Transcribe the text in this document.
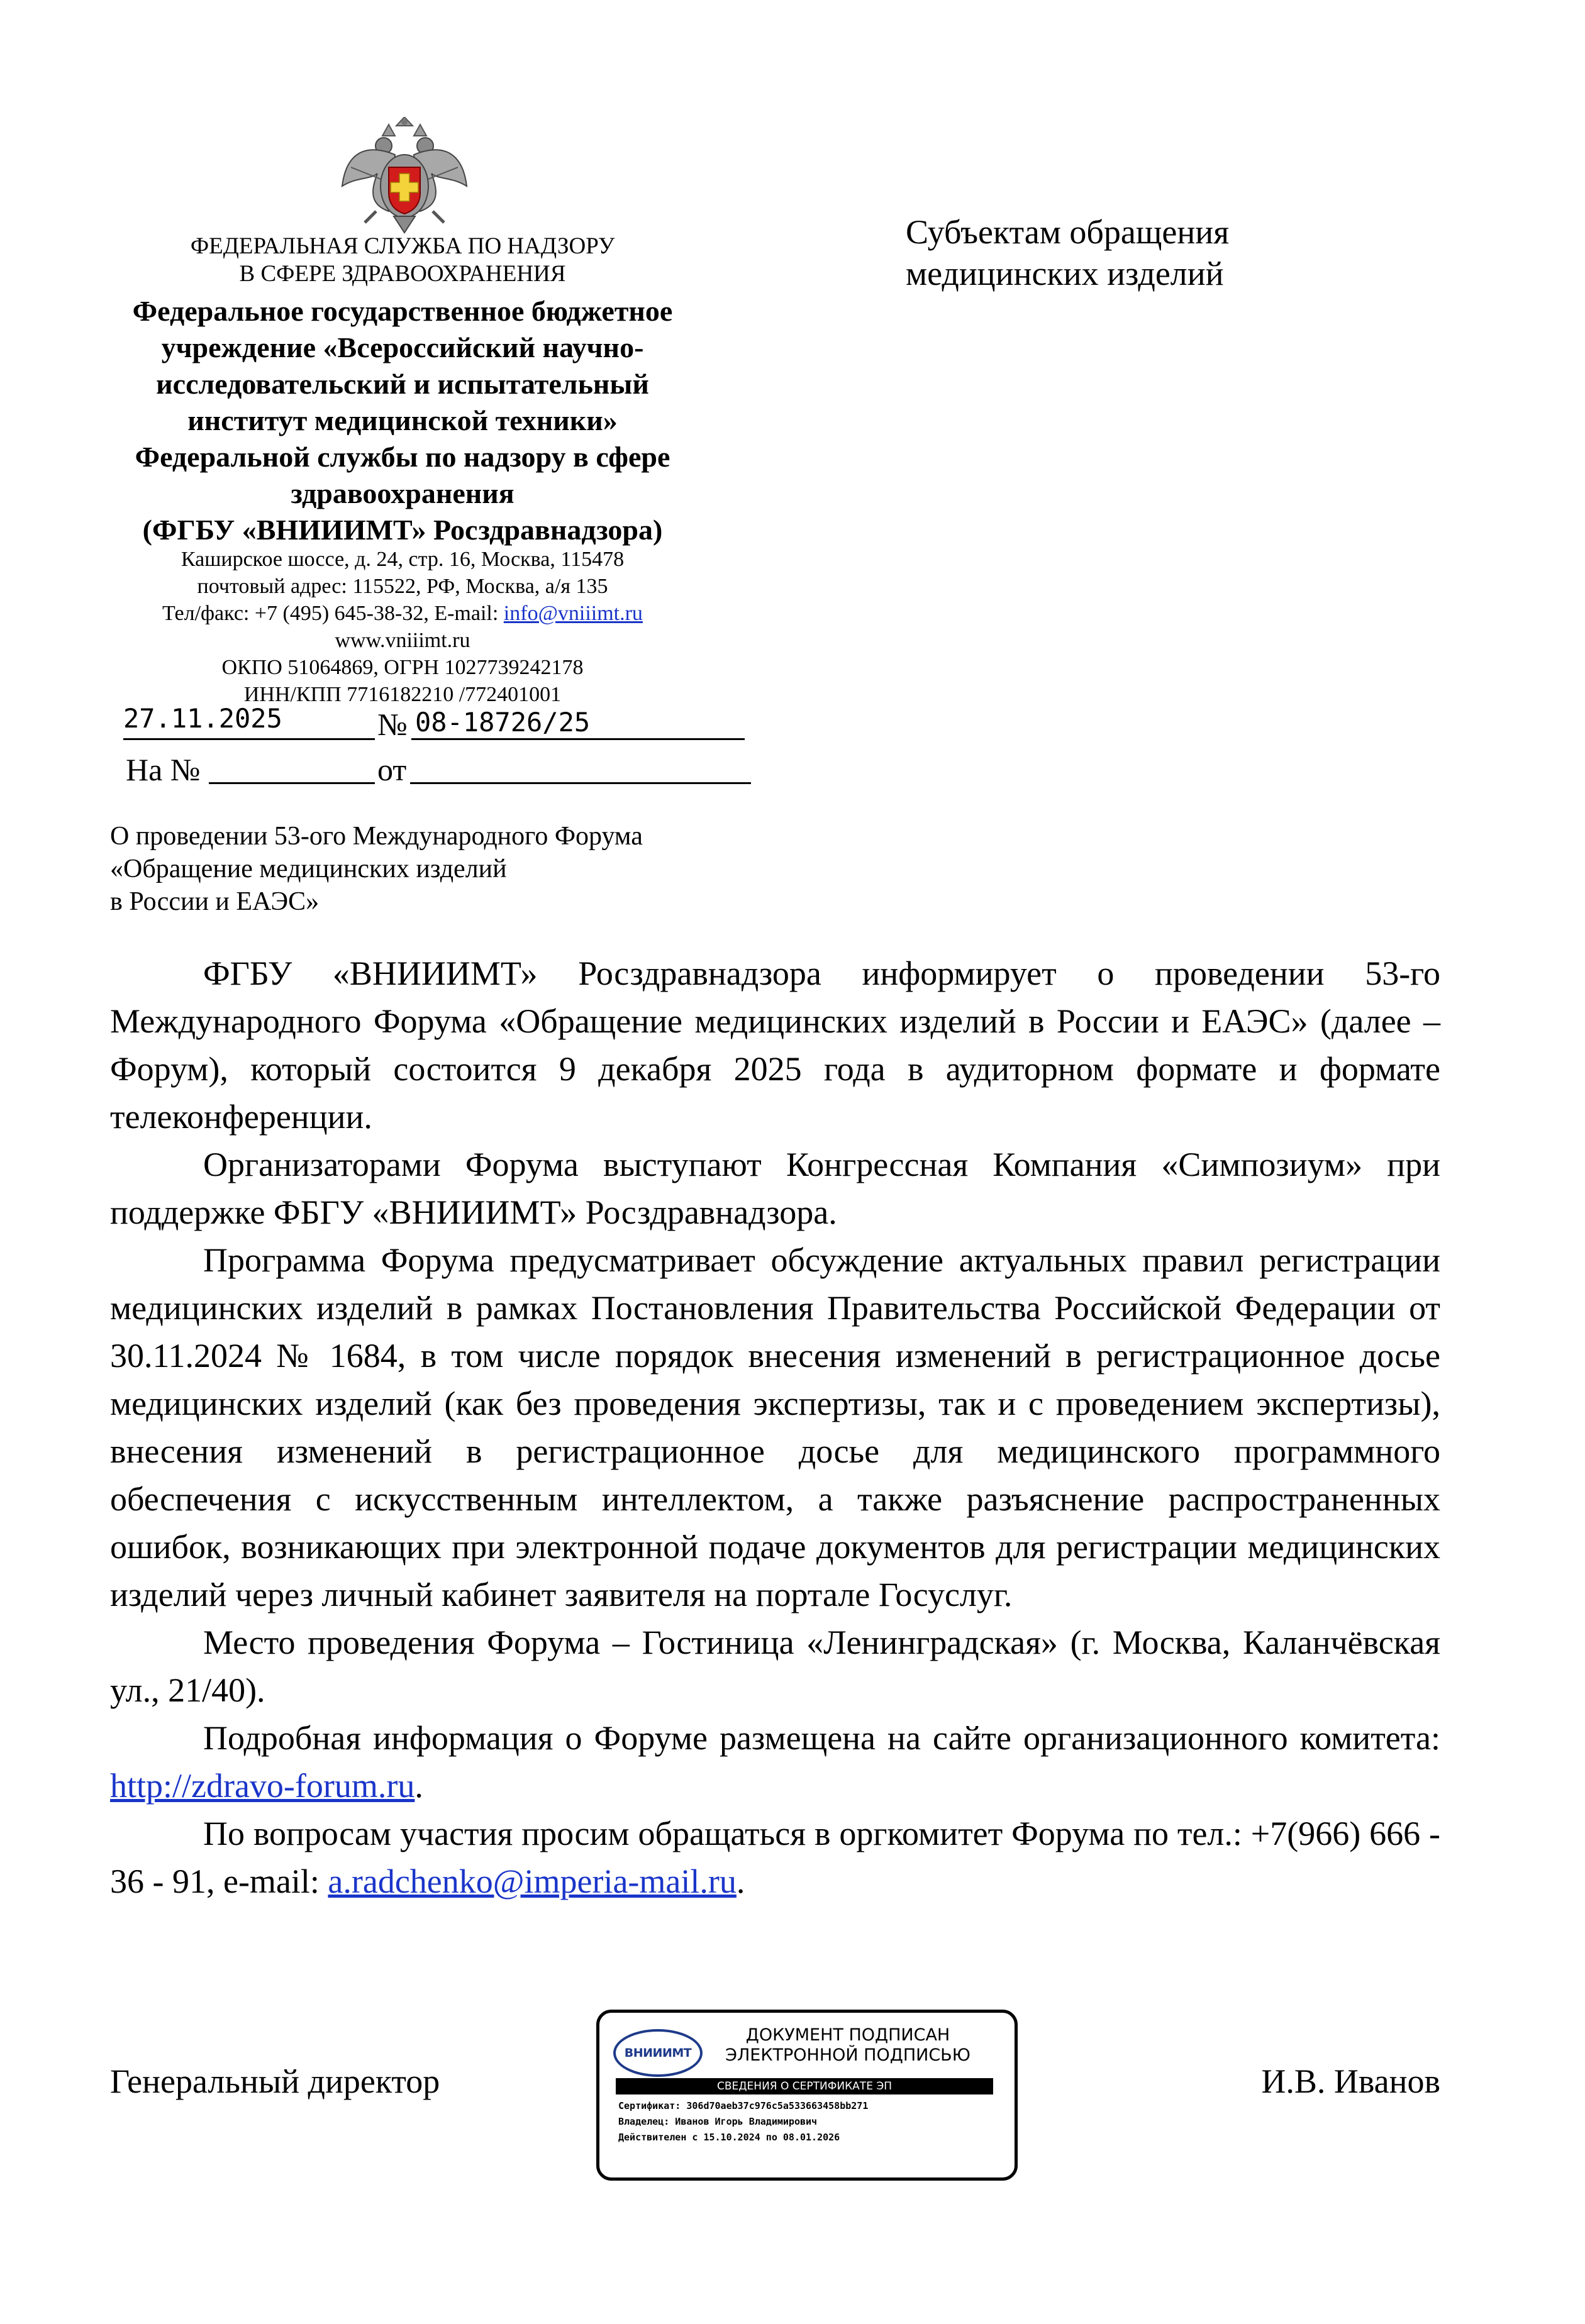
ФЕДЕРАЛЬНАЯ СЛУЖБА ПО НАДЗОРУ
В СФЕРЕ ЗДРАВООХРАНЕНИЯ
Федеральное государственное бюджетное
учреждение «Всероссийский научно-
исследовательский и испытательный
институт медицинской техники»
Федеральной службы по надзору в сфере
здравоохранения
(ФГБУ «ВНИИИМТ» Росздравнадзора)
Каширское шоссе, д. 24, стр. 16, Москва, 115478
почтовый адрес: 115522, РФ, Москва, а/я 135
Тел/факс: +7 (495) 645-38-32, E-mail: info@vniiimt.ru
www.vniiimt.ru
ОКПО 51064869, ОГРН 1027739242178
ИНН/КПП 7716182210 /772401001
27.11.2025	№ 08-18726/25
На №	от
Субъектам обращения
медицинских изделий
О проведении 53-ого Международного Форума
«Обращение медицинских изделий
в России и ЕАЭС»

ФГБУ «ВНИИИМТ» Росздравнадзора информирует о проведении 53-го Международного Форума «Обращение медицинских изделий в России и ЕАЭС» (далее – Форум), который состоится 9 декабря 2025 года в аудиторном формате и формате телеконференции.

Организаторами Форума выступают Конгрессная Компания «Симпозиум» при поддержке ФБГУ «ВНИИИМТ» Росздравнадзора.

Программа Форума предусматривает обсуждение актуальных правил регистрации медицинских изделий в рамках Постановления Правительства Российской Федерации от 30.11.2024 № 1684, в том числе порядок внесения изменений в регистрационное досье медицинских изделий (как без проведения экспертизы, так и с проведением экспертизы), внесения изменений в регистрационное досье для медицинского программного обеспечения с искусственным интеллектом, а также разъяснение распространенных ошибок, возникающих при электронной подаче документов для регистрации медицинских изделий через личный кабинет заявителя на портале Госуслуг.

Место проведения Форума – Гостиница «Ленинградская» (г. Москва, Каланчёвская ул., 21/40).

Подробная информация о Форуме размещена на сайте организационного комитета: http://zdravo-forum.ru.

По вопросам участия просим обращаться в оргкомитет Форума по тел.: +7(966) 666 - 36 - 91, e-mail: a.radchenko@imperia-mail.ru.

Генеральный директор	И.В. Иванов
ВНИИИМТ
ДОКУМЕНТ ПОДПИСАН
ЭЛЕКТРОННОЙ ПОДПИСЬЮ
СВЕДЕНИЯ О СЕРТИФИКАТЕ ЭП
Сертификат: 306d70aeb37c976c5a533663458bb271
Владелец: Иванов Игорь Владимирович
Действителен с 15.10.2024 по 08.01.2026
